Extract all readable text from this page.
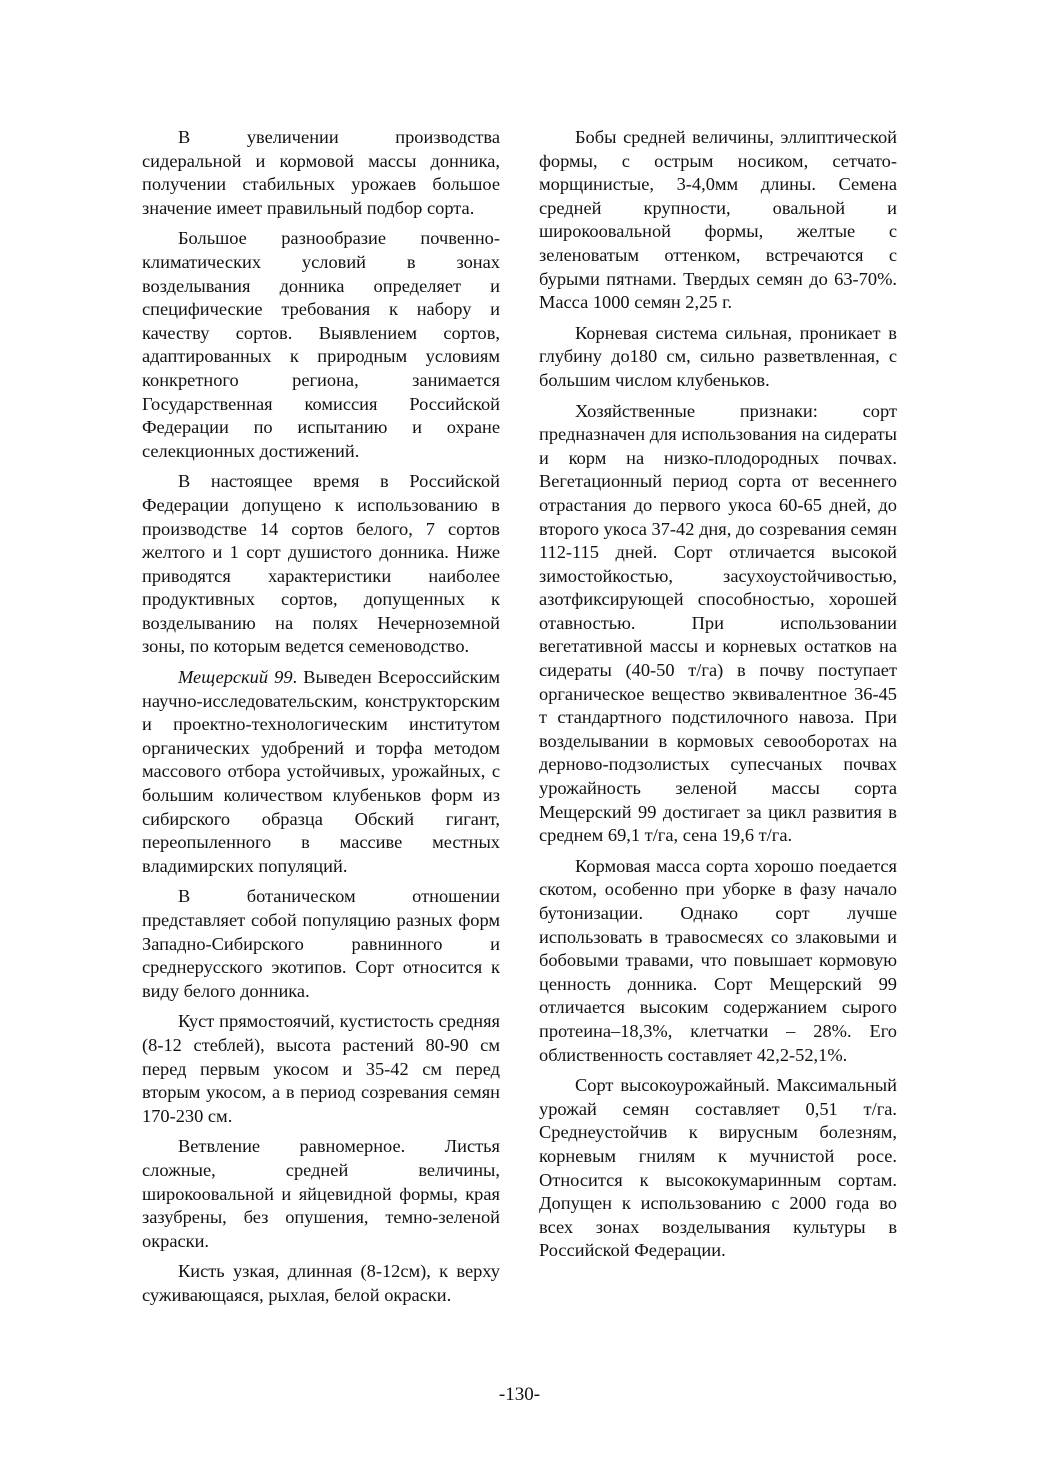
В увеличении производства сидеральной и кормовой массы донника, получении стабильных урожаев большое значение имеет правильный подбор сорта.

Большое разнообразие почвенно-климатических условий в зонах возделывания донника определяет и специфические требования к набору и качеству сортов. Выявлением сортов, адаптированных к природным условиям конкретного региона, занимается Государственная комиссия Российской Федерации по испытанию и охране селекционных достижений.

В настоящее время в Российской Федерации допущено к использованию в производстве 14 сортов белого, 7 сортов желтого и 1 сорт душистого донника. Ниже приводятся характеристики наиболее продуктивных сортов, допущенных к возделыванию на полях Нечерноземной зоны, по которым ведется семеноводство.

Мещерский 99. Выведен Всероссийским научно-исследовательским, конструкторским и проектно-технологическим институтом органических удобрений и торфа методом массового отбора устойчивых, урожайных, с большим количеством клубеньков форм из сибирского образца Обский гигант, переопыленного в массиве местных владимирских популяций.

В ботаническом отношении представляет собой популяцию разных форм Западно-Сибирского равнинного и среднерусского экотипов. Сорт относится к виду белого донника.

Куст прямостоячий, кустистость средняя (8-12 стеблей), высота растений 80-90 см перед первым укосом и 35-42 см перед вторым укосом, а в период созревания семян 170-230 см.

Ветвление равномерное. Листья сложные, средней величины, широкоовальной и яйцевидной формы, края зазубрены, без опушения, темно-зеленой окраски.

Кисть узкая, длинная (8-12см), к верху суживающаяся, рыхлая, белой окраски.

Бобы средней величины, эллиптической формы, с острым носиком, сетчато-морщинистые, 3-4,0мм длины. Семена средней крупности, овальной и широкоовальной формы, желтые с зеленоватым оттенком, встречаются с бурыми пятнами. Твердых семян до 63-70%. Масса 1000 семян 2,25 г.

Корневая система сильная, проникает в глубину до180 см, сильно разветвленная, с большим числом клубеньков.

Хозяйственные признаки: сорт предназначен для использования на сидераты и корм на низко-плодородных почвах. Вегетационный период сорта от весеннего отрастания до первого укоса 60-65 дней, до второго укоса 37-42 дня, до созревания семян 112-115 дней. Сорт отличается высокой зимостойкостью, засухоустойчивостью, азотфиксирующей способностью, хорошей отавностью. При использовании вегетативной массы и корневых остатков на сидераты (40-50 т/га) в почву поступает органическое вещество эквивалентное 36-45 т стандартного подстилочного навоза. При возделывании в кормовых севооборотах на дерново-подзолистых супесчаных почвах урожайность зеленой массы сорта Мещерский 99 достигает за цикл развития в среднем 69,1 т/га, сена 19,6 т/га.

Кормовая масса сорта хорошо поедается скотом, особенно при уборке в фазу начало бутонизации. Однако сорт лучше использовать в травосмесях со злаковыми и бобовыми травами, что повышает кормовую ценность донника. Сорт Мещерский 99 отличается высоким содержанием сырого протеина–18,3%, клетчатки – 28%. Его облиственность составляет 42,2-52,1%.

Сорт высокоурожайный. Максимальный урожай семян составляет 0,51 т/га. Среднеустойчив к вирусным болезням, корневым гнилям к мучнистой росе. Относится к высококумаринным сортам. Допущен к использованию с 2000 года во всех зонах возделывания культуры в Российской Федерации.

-130-
